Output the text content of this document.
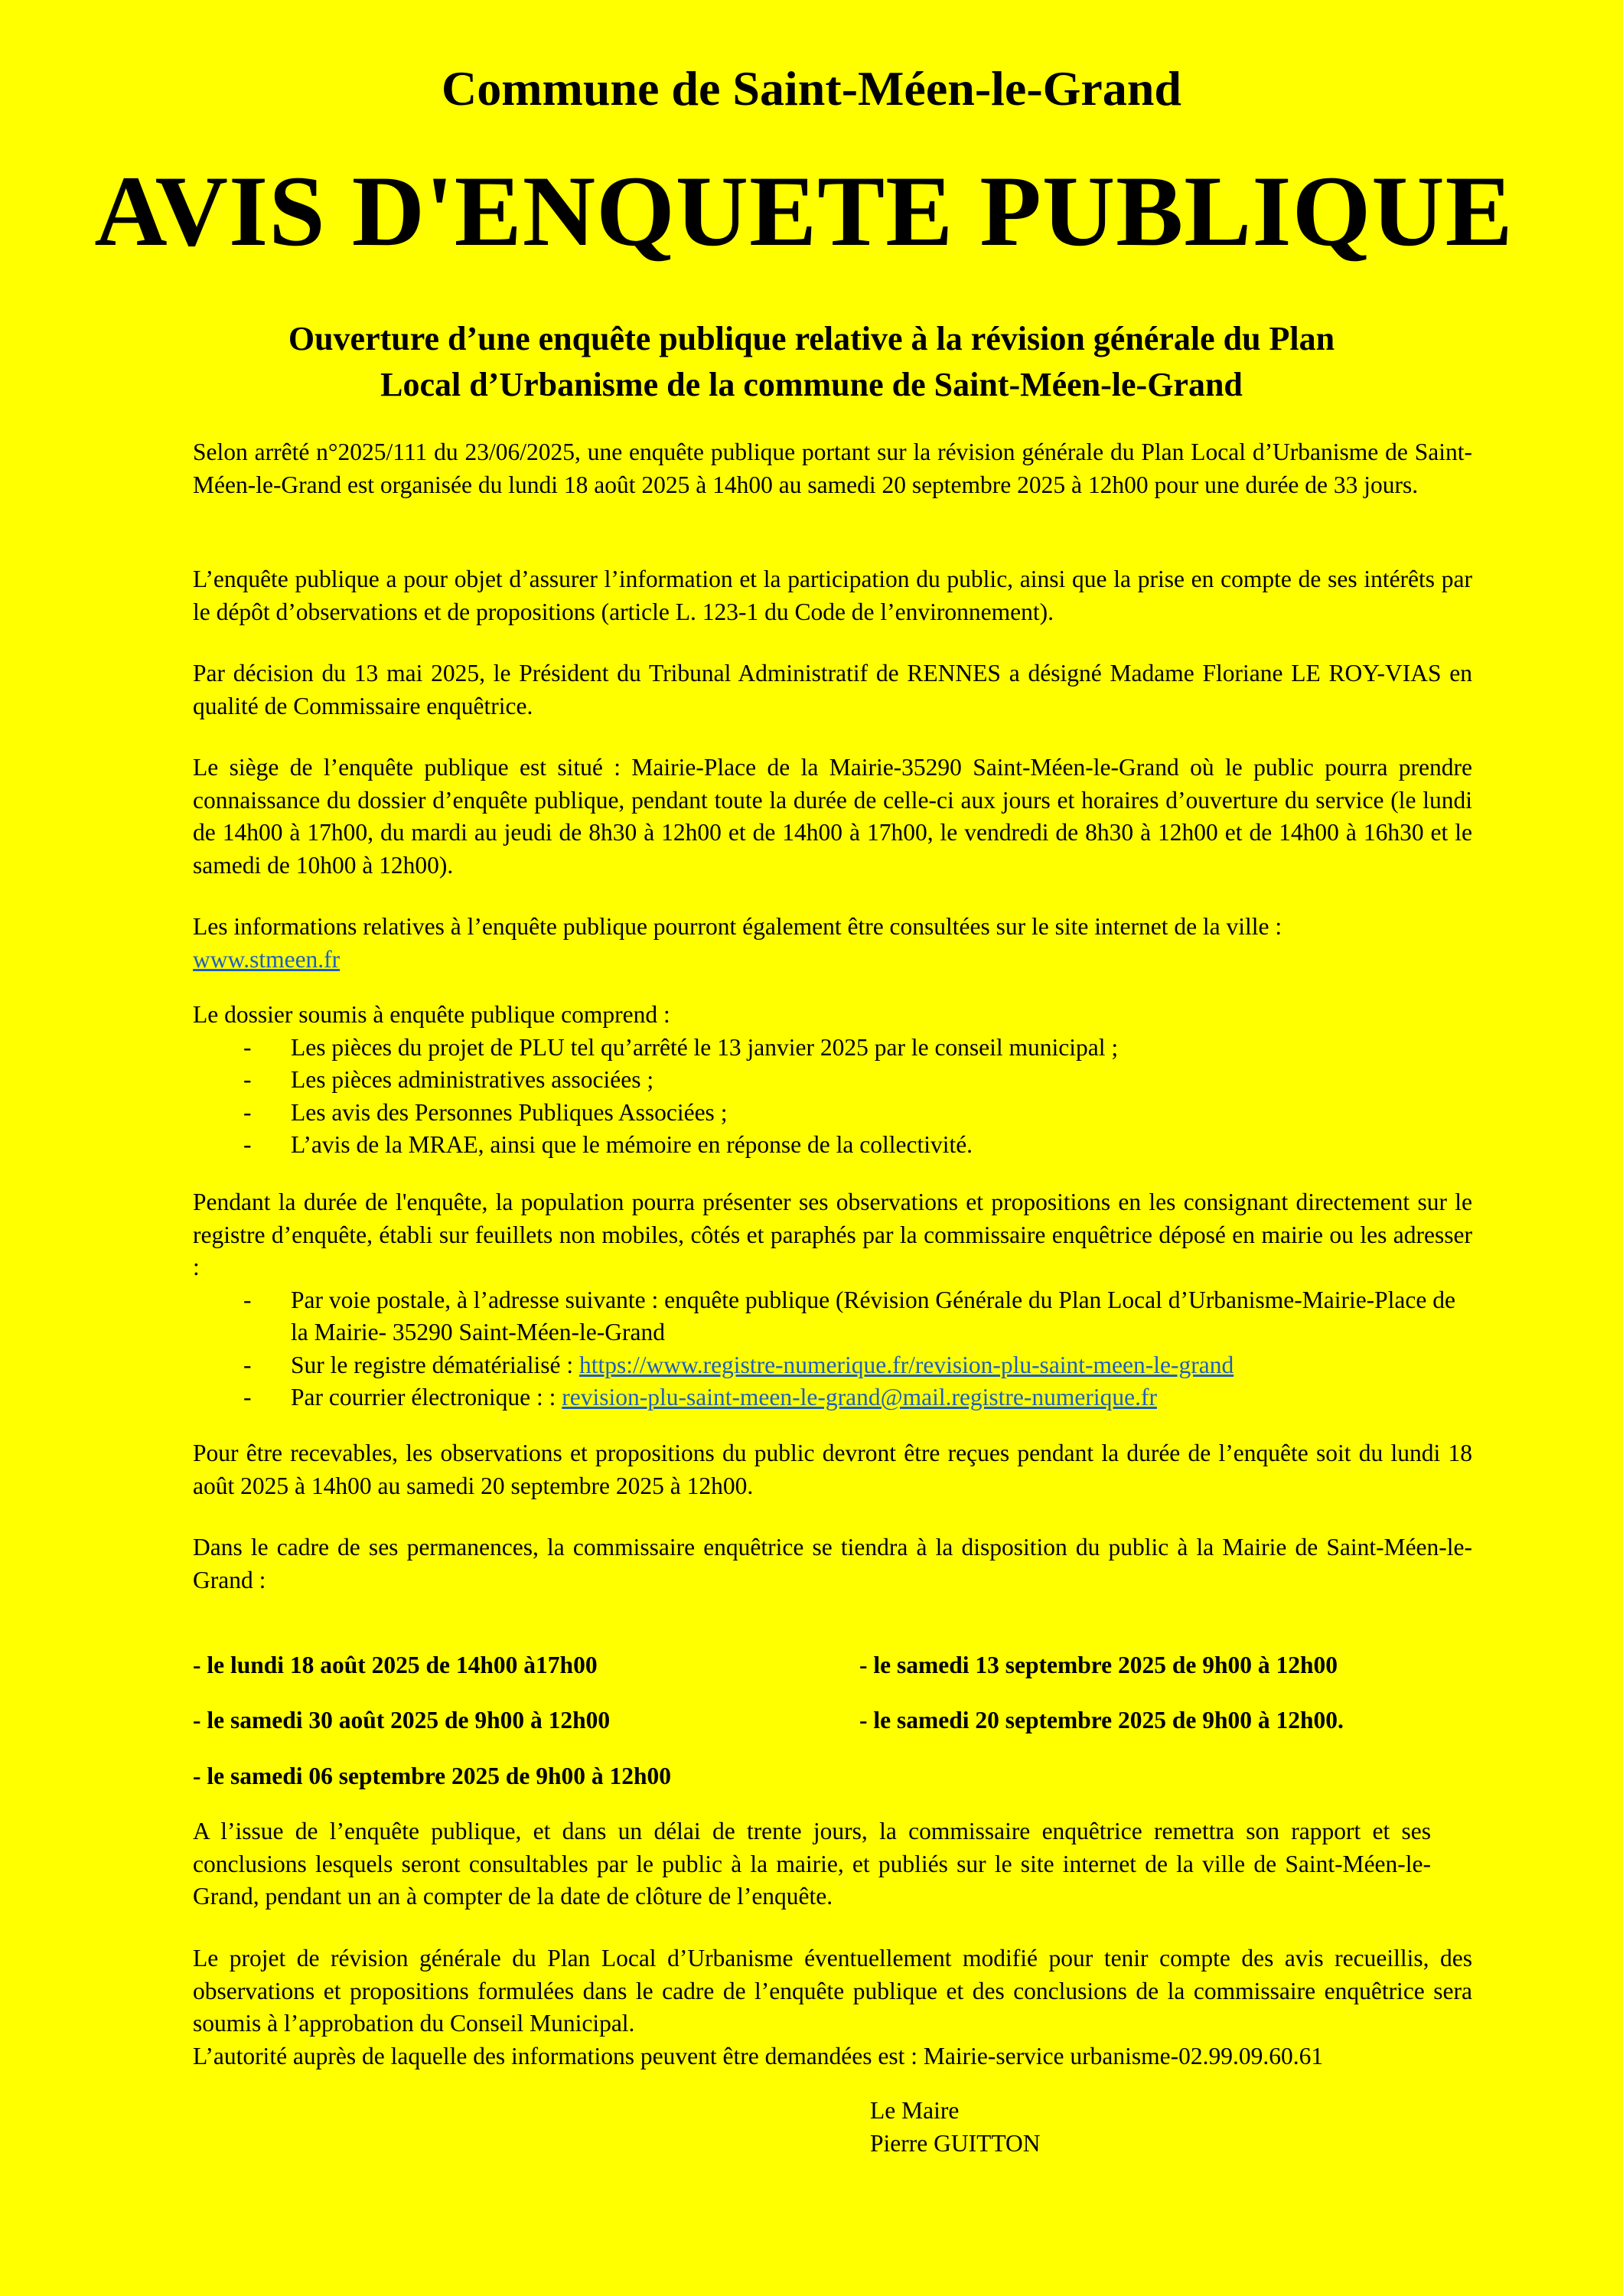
Commune de Saint-Méen-le-Grand
AVIS D'ENQUETE PUBLIQUE
Ouverture d’une enquête publique relative à la révision générale du Plan
Local d’Urbanisme de la commune de Saint-Méen-le-Grand

Selon arrêté n°2025/111 du 23/06/2025, une enquête publique portant sur la révision générale du Plan Local d’Urbanisme de Saint-Méen-le-Grand est organisée du lundi 18 août 2025 à 14h00 au samedi 20 septembre 2025 à 12h00 pour une durée de 33 jours.

L’enquête publique a pour objet d’assurer l’information et la participation du public, ainsi que la prise en compte de ses intérêts par le dépôt d’observations et de propositions (article L. 123-1 du Code de l’environnement).

Par décision du 13 mai 2025, le Président du Tribunal Administratif de RENNES a désigné Madame Floriane LE ROY-VIAS en qualité de Commissaire enquêtrice.

Le siège de l’enquête publique est situé : Mairie-Place de la Mairie-35290 Saint-Méen-le-Grand où le public pourra prendre connaissance du dossier d’enquête publique, pendant toute la durée de celle-ci aux jours et horaires d’ouverture du service (le lundi de 14h00 à 17h00, du mardi au jeudi de 8h30 à 12h00 et de 14h00 à 17h00, le vendredi de 8h30 à 12h00 et de 14h00 à 16h30 et le samedi de 10h00 à 12h00).

Les informations relatives à l’enquête publique pourront également être consultées sur le site internet de la ville :

www.stmeen.fr

Le dossier soumis à enquête publique comprend :

- Les pièces du projet de PLU tel qu’arrêté le 13 janvier 2025 par le conseil municipal ;
- Les pièces administratives associées ;
- Les avis des Personnes Publiques Associées ;
- L’avis de la MRAE, ainsi que le mémoire en réponse de la collectivité.

Pendant la durée de l'enquête, la population pourra présenter ses observations et propositions en les consignant directement sur le registre d’enquête, établi sur feuillets non mobiles, côtés et paraphés par la commissaire enquêtrice déposé en mairie ou les adresser :

- Par voie postale, à l’adresse suivante : enquête publique (Révision Générale du Plan Local d’Urbanisme-Mairie-Place de la Mairie- 35290 Saint-Méen-le-Grand
- Sur le registre dématérialisé : https://www.registre-numerique.fr/revision-plu-saint-meen-le-grand
- Par courrier électronique : : revision-plu-saint-meen-le-grand@mail.registre-numerique.fr

Pour être recevables, les observations et propositions du public devront être reçues pendant la durée de l’enquête soit du lundi 18 août 2025 à 14h00 au samedi 20 septembre 2025 à 12h00.

Dans le cadre de ses permanences, la commissaire enquêtrice se tiendra à la disposition du public à la Mairie de Saint-Méen-le-Grand :

- le lundi 18 août 2025 de 14h00 à17h00	- le samedi 13 septembre 2025 de 9h00 à 12h00
- le samedi 30 août 2025 de 9h00 à 12h00	- le samedi 20 septembre 2025 de 9h00 à 12h00.
- le samedi 06 septembre 2025 de 9h00 à 12h00

A l’issue de l’enquête publique, et dans un délai de trente jours, la commissaire enquêtrice remettra son rapport et ses conclusions lesquels seront consultables par le public à la mairie, et publiés sur le site internet de la ville de Saint-Méen-le-Grand, pendant un an à compter de la date de clôture de l’enquête.

Le projet de révision générale du Plan Local d’Urbanisme éventuellement modifié pour tenir compte des avis recueillis, des observations et propositions formulées dans le cadre de l’enquête publique et des conclusions de la commissaire enquêtrice sera soumis à l’approbation du Conseil Municipal.

L’autorité auprès de laquelle des informations peuvent être demandées est : Mairie-service urbanisme-02.99.09.60.61

Le Maire
Pierre GUITTON
